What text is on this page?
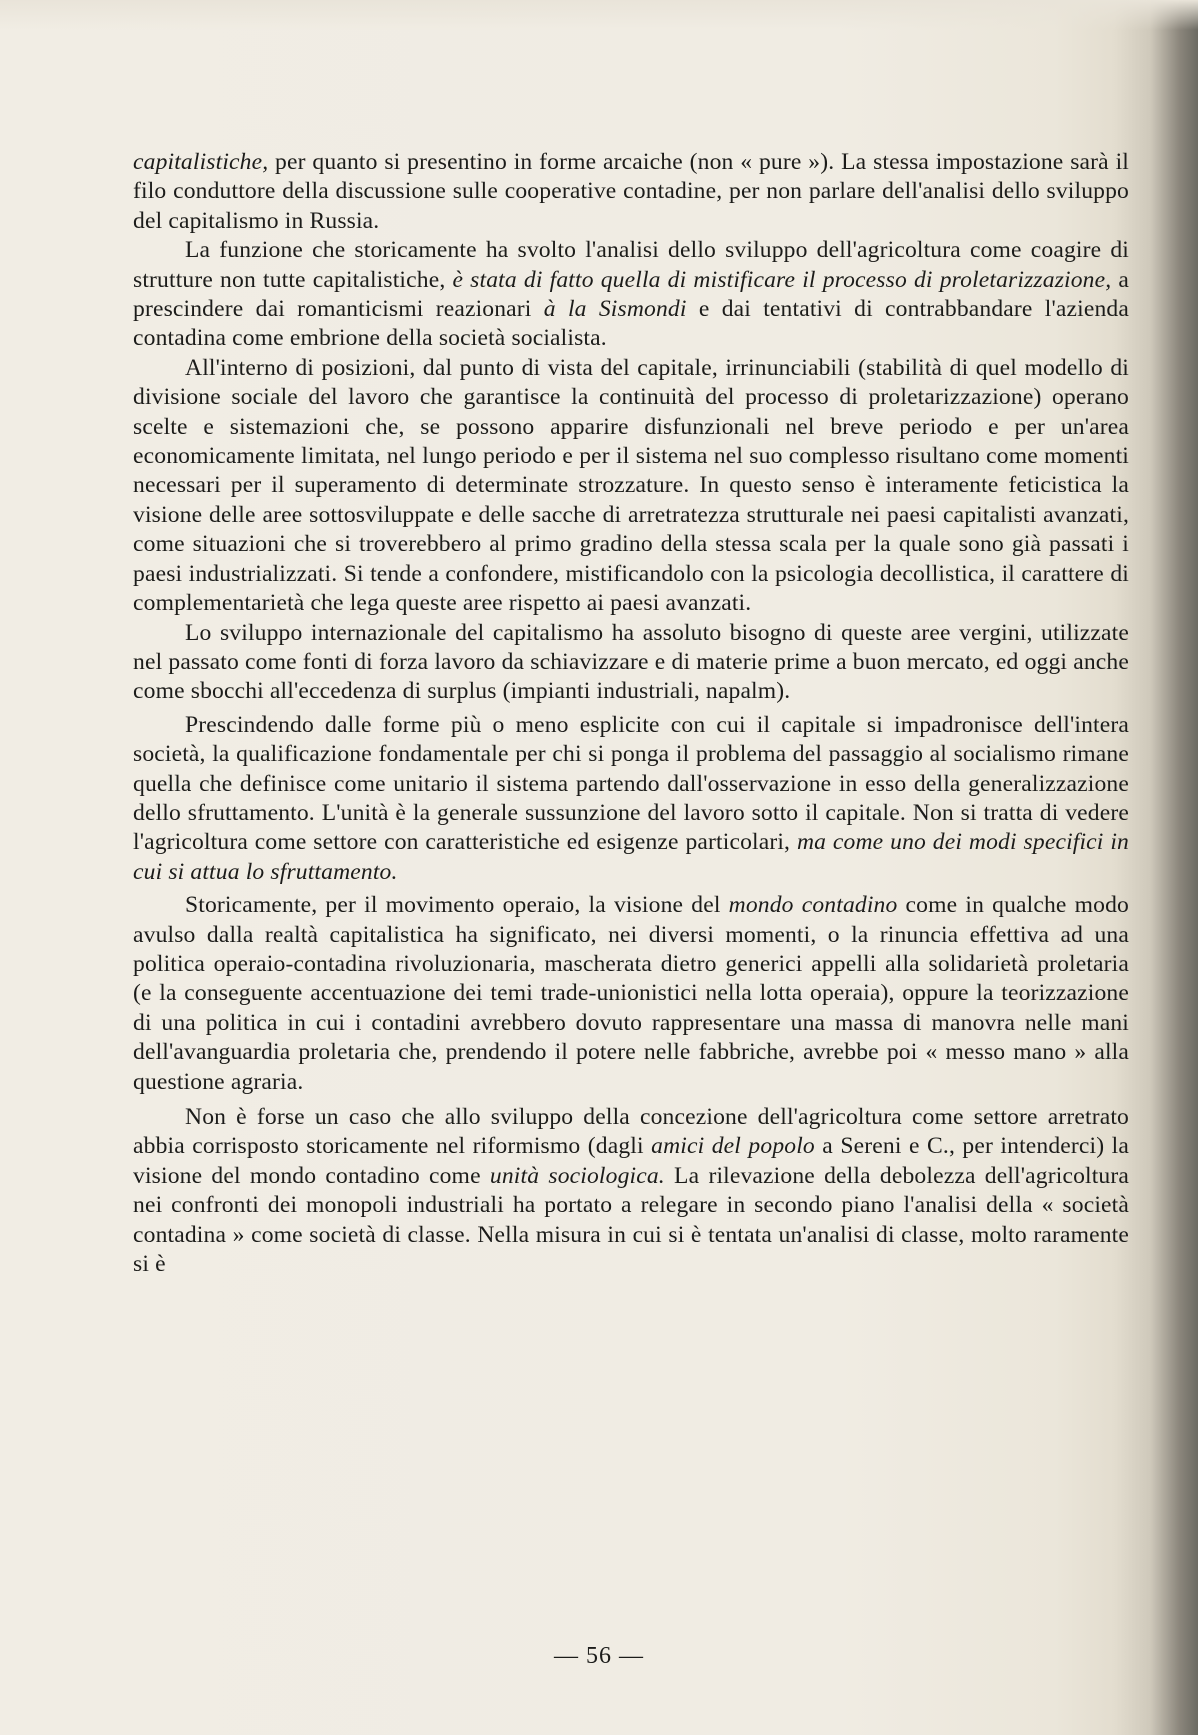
capitalistiche, per quanto si presentino in forme arcaiche (non « pure »). La stessa impostazione sarà il filo conduttore della discussione sulle cooperative contadine, per non parlare dell'analisi dello sviluppo del capitalismo in Russia.

La funzione che storicamente ha svolto l'analisi dello sviluppo dell'agricoltura come coagire di strutture non tutte capitalistiche, è stata di fatto quella di mistificare il processo di proletarizzazione, a prescindere dai romanticismi reazionari à la Sismondi e dai tentativi di contrabbandare l'azienda contadina come embrione della società socialista.

All'interno di posizioni, dal punto di vista del capitale, irrinunciabili (stabilità di quel modello di divisione sociale del lavoro che garantisce la continuità del processo di proletarizzazione) operano scelte e sistemazioni che, se possono apparire disfunzionali nel breve periodo e per un'area economicamente limitata, nel lungo periodo e per il sistema nel suo complesso risultano come momenti necessari per il superamento di determinate strozzature. In questo senso è interamente feticistica la visione delle aree sottosviluppate e delle sacche di arretratezza strutturale nei paesi capitalisti avanzati, come situazioni che si troverebbero al primo gradino della stessa scala per la quale sono già passati i paesi industrializzati. Si tende a confondere, mistificandolo con la psicologia decollistica, il carattere di complementarietà che lega queste aree rispetto ai paesi avanzati.

Lo sviluppo internazionale del capitalismo ha assoluto bisogno di queste aree vergini, utilizzate nel passato come fonti di forza lavoro da schiavizzare e di materie prime a buon mercato, ed oggi anche come sbocchi all'eccedenza di surplus (impianti industriali, napalm).

Prescindendo dalle forme più o meno esplicite con cui il capitale si impadronisce dell'intera società, la qualificazione fondamentale per chi si ponga il problema del passaggio al socialismo rimane quella che definisce come unitario il sistema partendo dall'osservazione in esso della generalizzazione dello sfruttamento. L'unità è la generale sussunzione del lavoro sotto il capitale. Non si tratta di vedere l'agricoltura come settore con caratteristiche ed esigenze particolari, ma come uno dei modi specifici in cui si attua lo sfruttamento.

Storicamente, per il movimento operaio, la visione del mondo contadino come in qualche modo avulso dalla realtà capitalistica ha significato, nei diversi momenti, o la rinuncia effettiva ad una politica operaio-contadina rivoluzionaria, mascherata dietro generici appelli alla solidarietà proletaria (e la conseguente accentuazione dei temi trade-unionistici nella lotta operaia), oppure la teorizzazione di una politica in cui i contadini avrebbero dovuto rappresentare una massa di manovra nelle mani dell'avanguardia proletaria che, prendendo il potere nelle fabbriche, avrebbe poi « messo mano » alla questione agraria.

Non è forse un caso che allo sviluppo della concezione dell'agricoltura come settore arretrato abbia corrisposto storicamente nel riformismo (dagli amici del popolo a Sereni e C., per intenderci) la visione del mondo contadino come unità sociologica. La rilevazione della debolezza dell'agricoltura nei confronti dei monopoli industriali ha portato a relegare in secondo piano l'analisi della « società contadina » come società di classe. Nella misura in cui si è tentata un'analisi di classe, molto raramente si è

— 56 —
